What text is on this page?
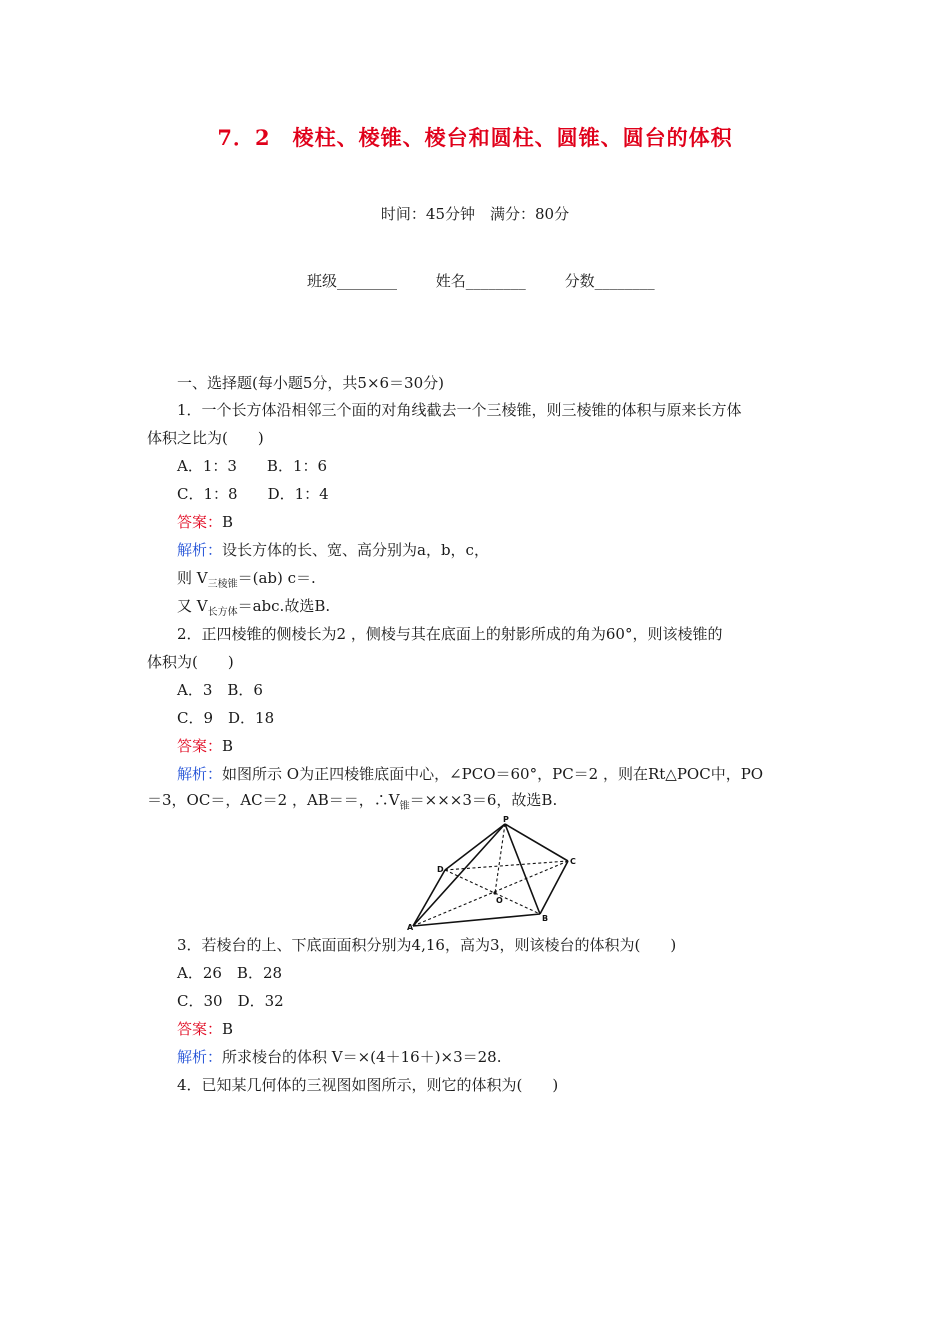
7．2　棱柱、棱锥、棱台和圆柱、圆锥、圆台的体积
时间：45分钟　满分：80分
班级________	姓名________	分数________
一、选择题(每小题5分，共5×6＝30分)
1．一个长方体沿相邻三个面的对角线截去一个三棱锥，则三棱锥的体积与原来长方体
体积之比为(　　)
A．1：3　　B．1：6
C．1：8　　D．1：4
答案：B
解析：设长方体的长、宽、高分别为a，b，c，
则 $V_{三棱锥}=(ab)$ c＝.
又 $V_{长方体}=abc$.故选B.
2．正四棱锥的侧棱长为2 ，侧棱与其在底面上的射影所成的角为60°，则该棱锥的
体积为(　　)
A．3　B．6
C．9　D．18
答案：B
解析：如图所示 O为正四棱锥底面中心，∠PCO＝60°，PC＝2 ，则在Rt△POC中，PO
＝3，OC＝，AC＝2 ，AB＝＝，$\therefore V_锥=\times\times\times 3=6$，故选B.
P
D
C
O
A
B
3．若棱台的上、下底面面积分别为4,16，高为3，则该棱台的体积为(　　)
A．26　B．28
C．30　D．32
答案：B
解析：所求棱台的体积 V＝×(4＋16＋)×3＝28.
4．已知某几何体的三视图如图所示，则它的体积为(　　)
